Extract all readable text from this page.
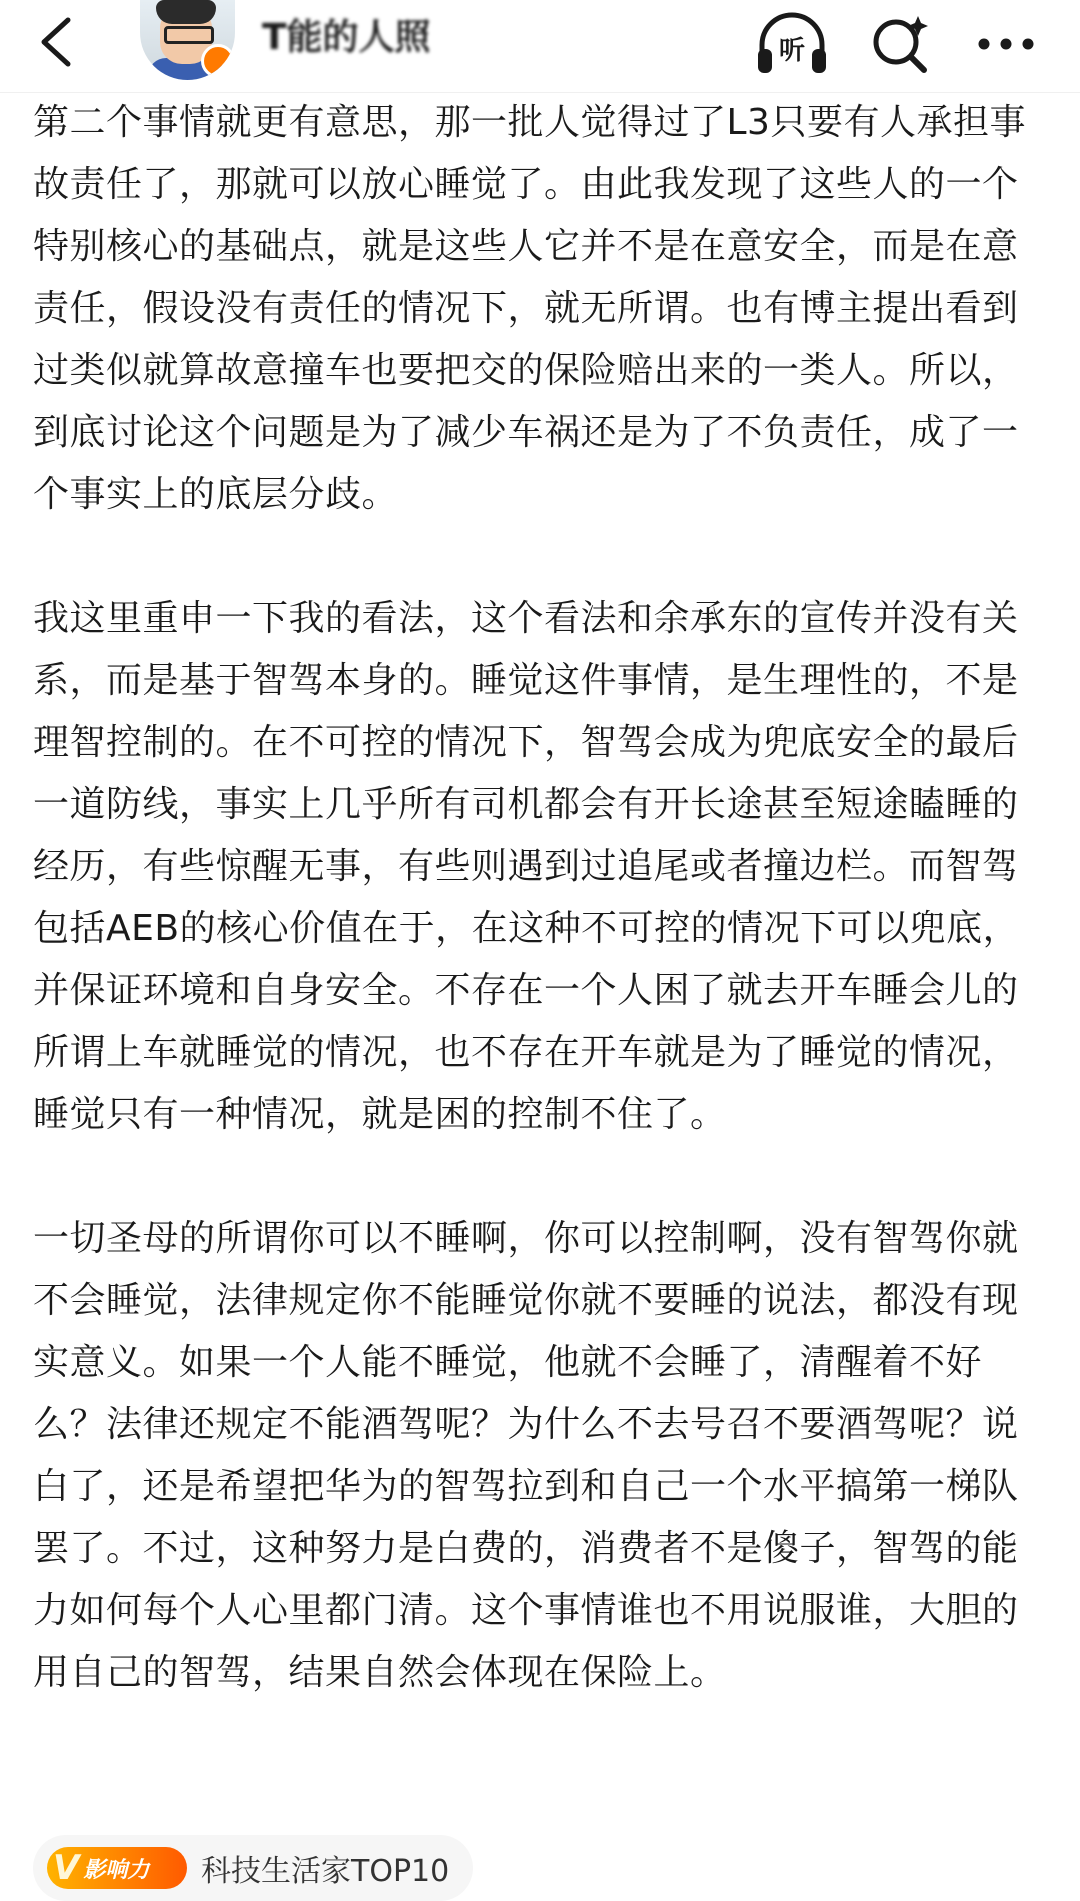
T能的人照	听

第二个事情就更有意思，那一批人觉得过了L3只要有人承担事故责任了，那就可以放心睡觉了。由此我发现了这些人的一个特别核心的基础点，就是这些人它并不是在意安全，而是在意责任，假设没有责任的情况下，就无所谓。也有博主提出看到过类似就算故意撞车也要把交的保险赔出来的一类人。所以，到底讨论这个问题是为了减少车祸还是为了不负责任，成了一个事实上的底层分歧。

我这里重申一下我的看法，这个看法和余承东的宣传并没有关系，而是基于智驾本身的。睡觉这件事情，是生理性的，不是理智控制的。在不可控的情况下，智驾会成为兜底安全的最后一道防线，事实上几乎所有司机都会有开长途甚至短途瞌睡的经历，有些惊醒无事，有些则遇到过追尾或者撞边栏。而智驾包括AEB的核心价值在于，在这种不可控的情况下可以兜底，并保证环境和自身安全。不存在一个人困了就去开车睡会儿的所谓上车就睡觉的情况，也不存在开车就是为了睡觉的情况，睡觉只有一种情况，就是困的控制不住了。

一切圣母的所谓你可以不睡啊，你可以控制啊，没有智驾你就不会睡觉，法律规定你不能睡觉你就不要睡的说法，都没有现实意义。如果一个人能不睡觉，他就不会睡了，清醒着不好么？法律还规定不能酒驾呢？为什么不去号召不要酒驾呢？说白了，还是希望把华为的智驾拉到和自己一个水平搞第一梯队罢了。不过，这种努力是白费的，消费者不是傻子，智驾的能力如何每个人心里都门清。这个事情谁也不用说服谁，大胆的用自己的智驾，结果自然会体现在保险上。

V 影响力 科技生活家TOP10
